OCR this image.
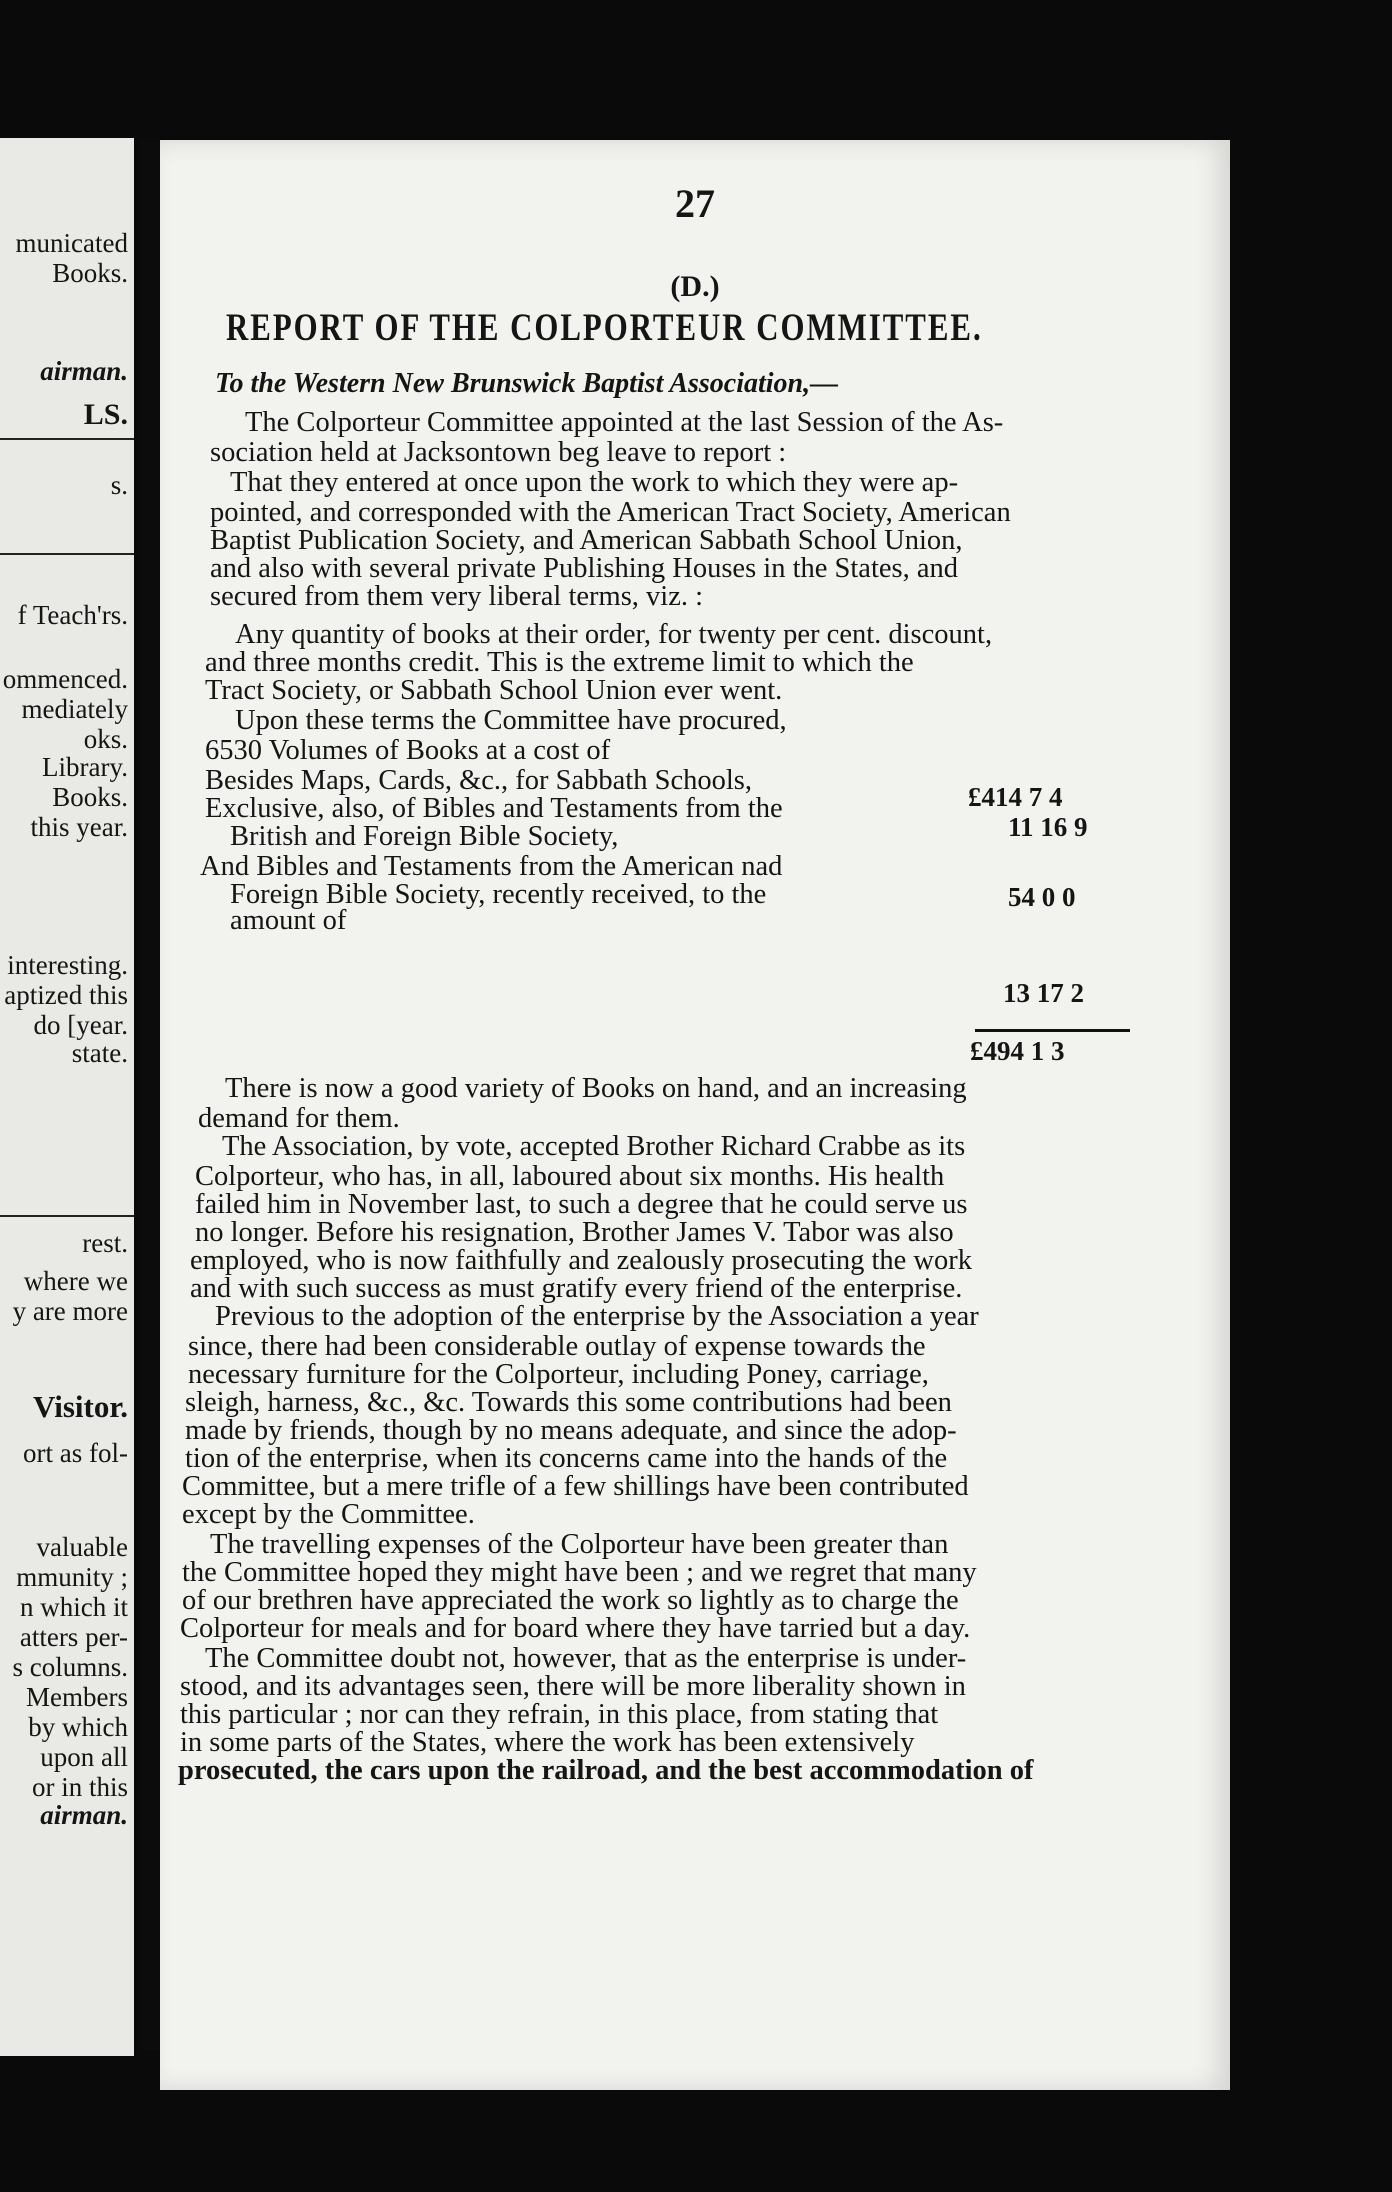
municated
Books.
airman.
LS.
s.
f Teach'rs.
ommenced.
mediately
oks.
Library.
Books.
this year.
interesting.
aptized this
do [year.
state.
rest.
where we
y are more
Visitor.
ort as fol-
valuable
mmunity ;
n which it
atters per-
s columns.
Members
by which
upon all
or in this
airman.
27
(D.)
REPORT OF THE COLPORTEUR COMMITTEE.
To the Western New Brunswick Baptist Association,—
The Colporteur Committee appointed at the last Session of the As-
sociation held at Jacksontown beg leave to report :
That they entered at once upon the work to which they were ap-
pointed, and corresponded with the American Tract Society, American
Baptist Publication Society, and American Sabbath School Union,
and also with several private Publishing Houses in the States, and
secured from them very liberal terms, viz. :
Any quantity of books at their order, for twenty per cent. discount,
and three months credit. This is the extreme limit to which the
Tract Society, or Sabbath School Union ever went.
Upon these terms the Committee have procured,
6530 Volumes of Books at a cost of
Besides Maps, Cards, &c., for Sabbath Schools,
Exclusive, also, of Bibles and Testaments from the
British and Foreign Bible Society,
And Bibles and Testaments from the American nad
Foreign Bible Society, recently received, to the
amount of
£414 7 4
11 16 9
54 0 0
13 17 2
£494 1 3
There is now a good variety of Books on hand, and an increasing
demand for them.
The Association, by vote, accepted Brother Richard Crabbe as its
Colporteur, who has, in all, laboured about six months. His health
failed him in November last, to such a degree that he could serve us
no longer. Before his resignation, Brother James V. Tabor was also
employed, who is now faithfully and zealously prosecuting the work
and with such success as must gratify every friend of the enterprise.
Previous to the adoption of the enterprise by the Association a year
since, there had been considerable outlay of expense towards the
necessary furniture for the Colporteur, including Poney, carriage,
sleigh, harness, &c., &c. Towards this some contributions had been
made by friends, though by no means adequate, and since the adop-
tion of the enterprise, when its concerns came into the hands of the
Committee, but a mere trifle of a few shillings have been contributed
except by the Committee.
The travelling expenses of the Colporteur have been greater than
the Committee hoped they might have been ; and we regret that many
of our brethren have appreciated the work so lightly as to charge the
Colporteur for meals and for board where they have tarried but a day.
The Committee doubt not, however, that as the enterprise is under-
stood, and its advantages seen, there will be more liberality shown in
this particular ; nor can they refrain, in this place, from stating that
in some parts of the States, where the work has been extensively
prosecuted, the cars upon the railroad, and the best accommodation of
